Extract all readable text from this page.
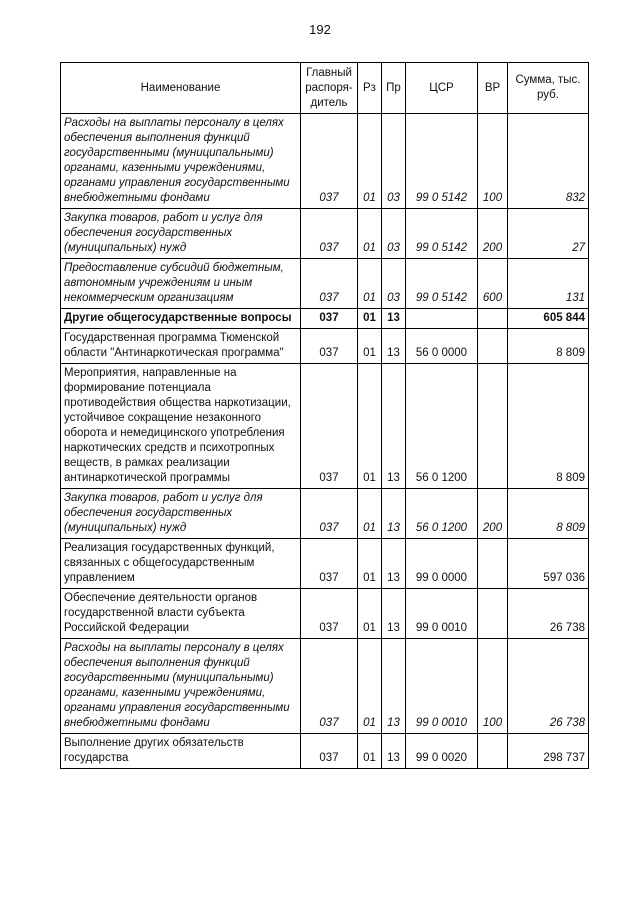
192
Наименование	Главный распоря-дитель	Рз	Пр	ЦСР	ВР	Сумма, тыс. руб.
Расходы на выплаты персоналу в целях обеспечения выполнения функций государственными (муниципальными) органами, казенными учреждениями, органами управления государственными внебюджетными фондами	037	01	03	99 0 5142	100	832
Закупка товаров, работ и услуг для обеспечения государственных (муниципальных) нужд	037	01	03	99 0 5142	200	27
Предоставление субсидий бюджетным, автономным учреждениям и иным некоммерческим организациям	037	01	03	99 0 5142	600	131
Другие общегосударственные вопросы	037	01	13			605 844
Государственная программа Тюменской области "Антинаркотическая программа"	037	01	13	56 0 0000		8 809
Мероприятия, направленные на формирование потенциала противодействия общества наркотизации, устойчивое сокращение незаконного оборота и немедицинского употребления наркотических средств и психотропных веществ, в рамках реализации антинаркотической программы	037	01	13	56 0 1200		8 809
Закупка товаров, работ и услуг для обеспечения государственных (муниципальных) нужд	037	01	13	56 0 1200	200	8 809
Реализация государственных функций, связанных с общегосударственным управлением	037	01	13	99 0 0000		597 036
Обеспечение деятельности органов государственной власти субъекта Российской Федерации	037	01	13	99 0 0010		26 738
Расходы на выплаты персоналу в целях обеспечения выполнения функций государственными (муниципальными) органами, казенными учреждениями, органами управления государственными внебюджетными фондами	037	01	13	99 0 0010	100	26 738
Выполнение других обязательств государства	037	01	13	99 0 0020		298 737
